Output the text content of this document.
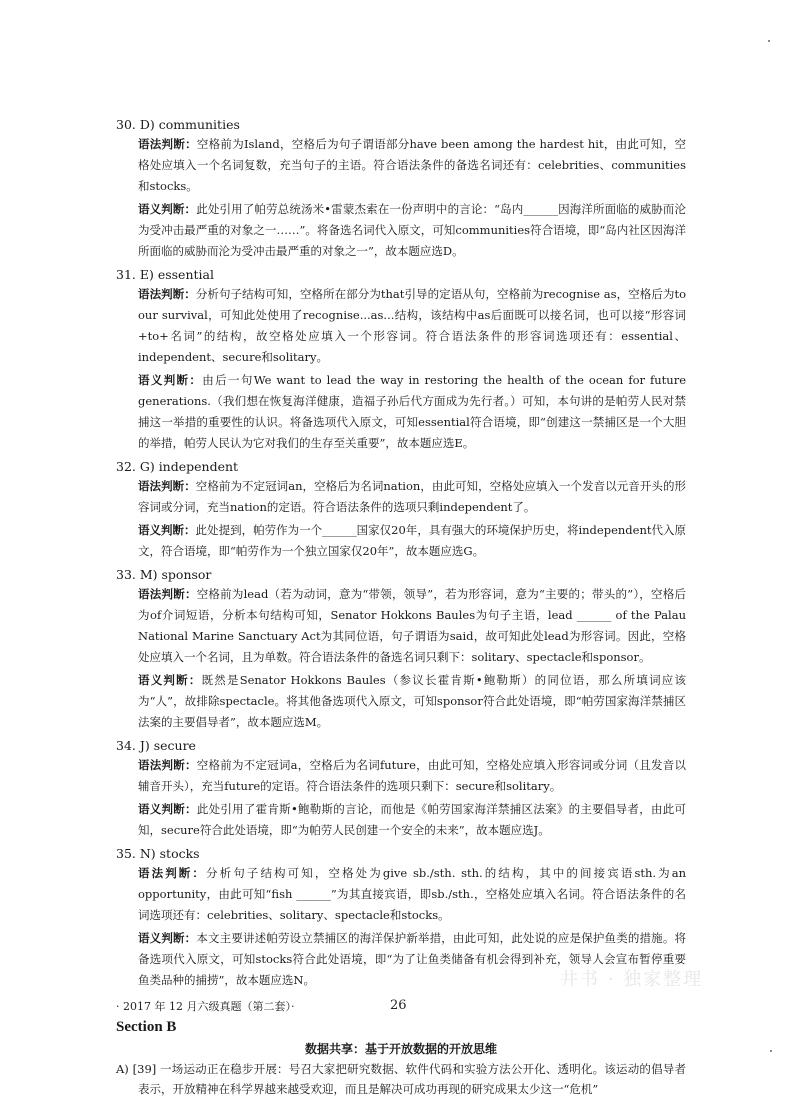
30. D) communities

语法判断：空格前为Island，空格后为句子谓语部分have been among the hardest hit，由此可知，空格处应填入一个名词复数，充当句子的主语。符合语法条件的备选名词还有：celebrities、communities和stocks。

语义判断：此处引用了帕劳总统汤米•雷蒙杰索在一份声明中的言论：“岛内______因海洋所面临的威胁而沦为受冲击最严重的对象之一……”。将备选名词代入原文，可知communities符合语境，即“岛内社区因海洋所面临的威胁而沦为受冲击最严重的对象之一”，故本题应选D。

31. E) essential

语法判断：分析句子结构可知，空格所在部分为that引导的定语从句，空格前为recognise as，空格后为to our survival，可知此处使用了recognise...as...结构，该结构中as后面既可以接名词，也可以接“形容词+to+名词”的结构，故空格处应填入一个形容词。符合语法条件的形容词选项还有：essential、independent、secure和solitary。

语义判断：由后一句We want to lead the way in restoring the health of the ocean for future generations.（我们想在恢复海洋健康，造福子孙后代方面成为先行者。）可知，本句讲的是帕劳人民对禁捕这一举措的重要性的认识。将备选项代入原文，可知essential符合语境，即“创建这一禁捕区是一个大胆的举措，帕劳人民认为它对我们的生存至关重要”，故本题应选E。

32. G) independent

语法判断：空格前为不定冠词an，空格后为名词nation，由此可知，空格处应填入一个发音以元音开头的形容词或分词，充当nation的定语。符合语法条件的选项只剩independent了。

语义判断：此处提到，帕劳作为一个______国家仅20年，具有强大的环境保护历史，将independent代入原文，符合语境，即“帕劳作为一个独立国家仅20年”，故本题应选G。

33. M) sponsor

语法判断：空格前为lead（若为动词，意为“带领，领导”，若为形容词，意为“主要的；带头的”），空格后为of介词短语，分析本句结构可知，Senator Hokkons Baules为句子主语，lead ______ of the Palau National Marine Sanctuary Act为其同位语，句子谓语为said，故可知此处lead为形容词。因此，空格处应填入一个名词，且为单数。符合语法条件的备选名词只剩下：solitary、spectacle和sponsor。

语义判断：既然是Senator Hokkons Baules（参议长霍肯斯•鲍勒斯）的同位语，那么所填词应该为“人”，故排除spectacle。将其他备选项代入原文，可知sponsor符合此处语境，即“帕劳国家海洋禁捕区法案的主要倡导者”，故本题应选M。

34. J) secure

语法判断：空格前为不定冠词a，空格后为名词future，由此可知，空格处应填入形容词或分词（且发音以辅音开头），充当future的定语。符合语法条件的选项只剩下：secure和solitary。

语义判断：此处引用了霍肯斯•鲍勒斯的言论，而他是《帕劳国家海洋禁捕区法案》的主要倡导者，由此可知，secure符合此处语境，即“为帕劳人民创建一个安全的未来”，故本题应选J。

35. N) stocks

语法判断：分析句子结构可知，空格处为give sb./sth. sth.的结构，其中的间接宾语sth.为an opportunity，由此可知“fish ______”为其直接宾语，即sb./sth.，空格处应填入名词。符合语法条件的名词选项还有：celebrities、solitary、spectacle和stocks。

语义判断：本文主要讲述帕劳设立禁捕区的海洋保护新举措，由此可知，此处说的应是保护鱼类的措施。将备选项代入原文，可知stocks符合此处语境，即“为了让鱼类储备有机会得到补充，领导人会宣布暂停重要鱼类品种的捕捞”，故本题应选N。

Section B

数据共享：基于开放数据的开放思维

A) [39] 一场运动正在稳步开展：号召大家把研究数据、软件代码和实验方法公开化、透明化。该运动的倡导者表示，开放精神在科学界越来越受欢迎，而且是解决可成功再现的研究成果太少这一“危机”

井书 · 独家整理
· 2017 年 12 月六级真题（第二套）·	26
